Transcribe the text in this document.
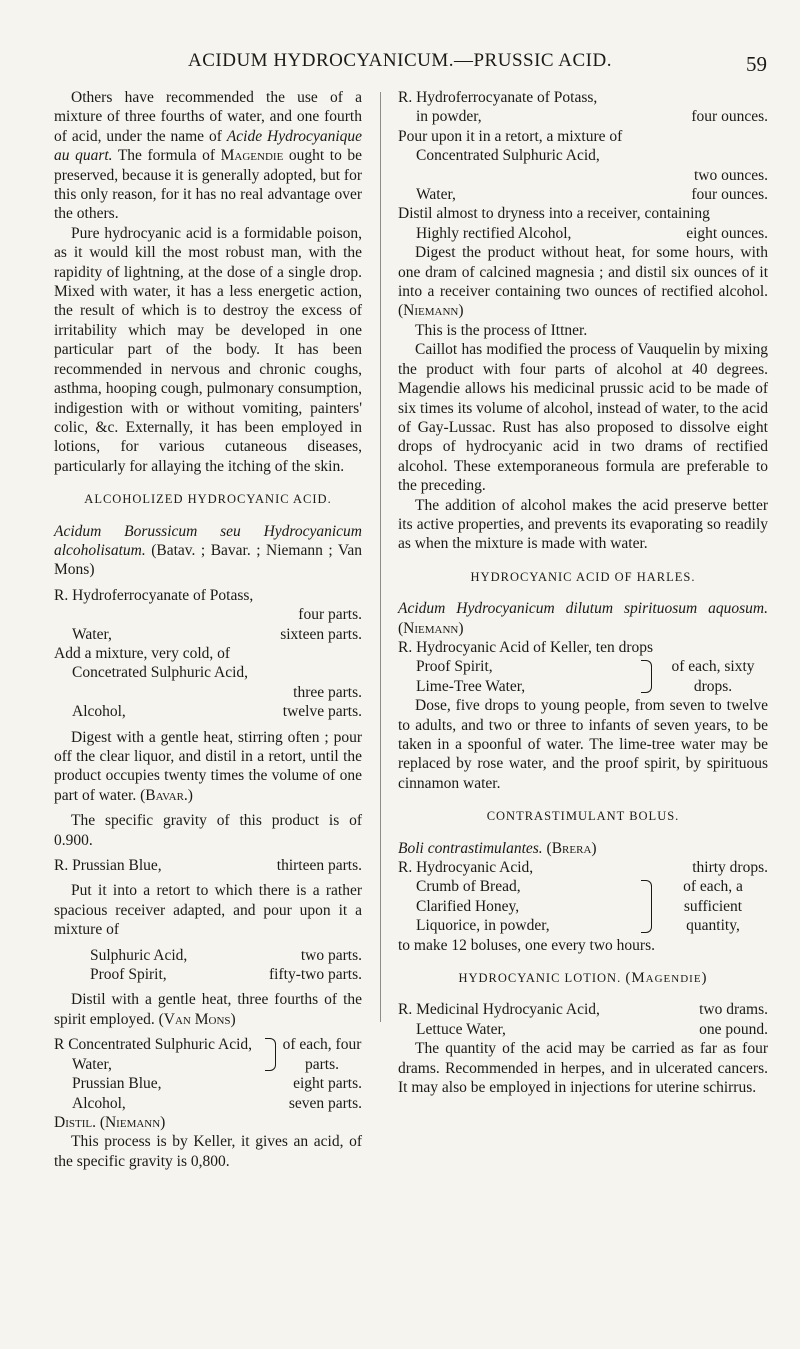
ACIDUM HYDROCYANICUM.—PRUSSIC ACID.	59

Others have recommended the use of a mixture of three fourths of water, and one fourth of acid, under the name of Acide Hydrocyanique au quart. The formula of Magendie ought to be preserved, because it is generally adopted, but for this only reason, for it has no real advantage over the others.

Pure hydrocyanic acid is a formidable poison, as it would kill the most robust man, with the rapidity of lightning, at the dose of a single drop. Mixed with water, it has a less energetic action, the result of which is to destroy the excess of irritability which may be developed in one particular part of the body. It has been recommended in nervous and chronic coughs, asthma, hooping cough, pulmonary consumption, indigestion with or without vomiting, painters' colic, &c. Externally, it has been employed in lotions, for various cutaneous diseases, particularly for allaying the itching of the skin.

ALCOHOLIZED HYDROCYANIC ACID.

Acidum Borussicum seu Hydrocyanicum alcoholisatum. (Batav. ; Bavar. ; Niemann ; Van Mons)

R. Hydroferrocyanate of Potass,
four parts.
Water,	sixteen parts.
Add a mixture, very cold, of
Concetrated Sulphuric Acid,
three parts.
Alcohol,	twelve parts.

Digest with a gentle heat, stirring often ; pour off the clear liquor, and distil in a retort, until the product occupies twenty times the volume of one part of water. (Bavar.)

The specific gravity of this product is of 0.900.

R. Prussian Blue,	thirteen parts.

Put it into a retort to which there is a rather spacious receiver adapted, and pour upon it a mixture of

Sulphuric Acid,	two parts.
Proof Spirit,	fifty-two parts.

Distil with a gentle heat, three fourths of the spirit employed. (Van Mons)

R Concentrated Sulphuric Acid,
Water,
of each, four parts.
Prussian Blue,	eight parts.
Alcohol,	seven parts.
Distil. (Niemann)

This process is by Keller, it gives an acid, of the specific gravity is 0,800.

R. Hydroferrocyanate of Potass,
in powder,	four ounces.
Pour upon it in a retort, a mixture of
Concentrated Sulphuric Acid,
two ounces.
Water,	four ounces.

Distil almost to dryness into a receiver, containing

Highly rectified Alcohol,	eight ounces.

Digest the product without heat, for some hours, with one dram of calcined magnesia ; and distil six ounces of it into a receiver containing two ounces of rectified alcohol. (Niemann)

This is the process of Ittner.

Caillot has modified the process of Vauquelin by mixing the product with four parts of alcohol at 40 degrees. Magendie allows his medicinal prussic acid to be made of six times its volume of alcohol, instead of water, to the acid of Gay-Lussac. Rust has also proposed to dissolve eight drops of hydrocyanic acid in two drams of rectified alcohol. These extemporaneous formula are preferable to the preceding.

The addition of alcohol makes the acid preserve better its active properties, and prevents its evaporating so readily as when the mixture is made with water.

HYDROCYANIC ACID OF HARLES.

Acidum Hydrocyanicum dilutum spirituosum aquosum. (Niemann)

R. Hydrocyanic Acid of Keller, ten drops
Proof Spirit,
Lime-Tree Water,
of each, sixty drops.

Dose, five drops to young people, from seven to twelve to adults, and two or three to infants of seven years, to be taken in a spoonful of water. The lime-tree water may be replaced by rose water, and the proof spirit, by spirituous cinnamon water.

CONTRASTIMULANT BOLUS.

Boli contrastimulantes. (Brera)

R. Hydrocyanic Acid,	thirty drops.
Crumb of Bread,
Clarified Honey,
Liquorice, in powder,
of each, a sufficient quantity,
to make 12 boluses, one every two hours.

HYDROCYANIC LOTION. (Magendie)

R. Medicinal Hydrocyanic Acid,	two drams.
Lettuce Water,	one pound.

The quantity of the acid may be carried as far as four drams. Recommended in herpes, and in ulcerated cancers. It may also be employed in injections for uterine schirrus.
